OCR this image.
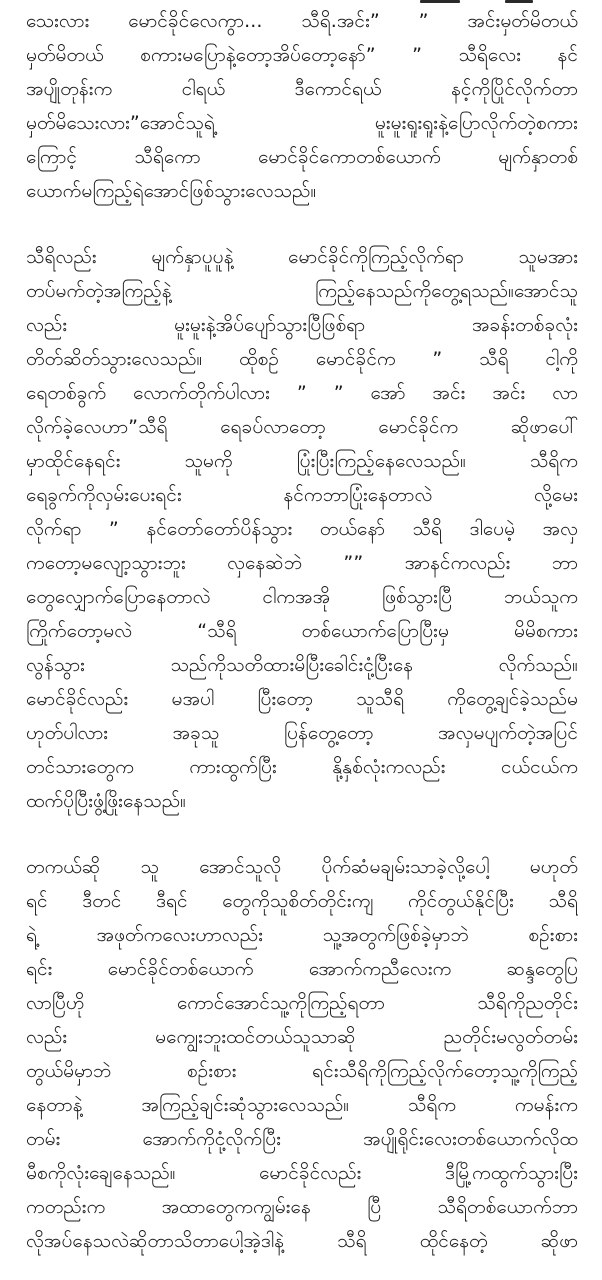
သေးလား မောင်ခိုင်လေကွာ... သီရိ.အင်း” ” အင်းမှတ်မိတယ်
မှတ်မိတယ် စကားမပြောနဲ့တော့အိပ်တော့နော်” ” သီရိလေး နင်
အပျိုတုန်းက ငါရယ် ဒီကောင်ရယ် နင့်ကိုပြိုင်လိုက်တာ
မှတ်မိသေးလား”အောင်သူရဲ့ မူးမူးရူးရူးနဲ့ပြောလိုက်တဲ့စကား
ကြောင့် သီရိကော မောင်ခိုင်ကောတစ်ယောက် မျက်နှာတစ်
ယောက်မကြည့်ရဲအောင်ဖြစ်သွားလေသည်။
သီရိလည်း မျက်နှာပူပူနဲ့ မောင်ခိုင်ကိုကြည့်လိုက်ရာ သူမအား
တပ်မက်တဲ့အကြည့်နဲ့ ကြည့်နေသည်ကိုတွေ့ရသည်။အောင်သူ
လည်း မူးမူးနဲ့အိပ်ပျော်သွားပြီဖြစ်ရာ အခန်းတစ်ခုလုံး
တိတ်ဆိတ်သွားလေသည်။ ထိုစဉ် မောင်ခိုင်က ” သီရိ ငါ့ကို
ရေတစ်ခွက် လောက်တိုက်ပါလား ” ” အော် အင်း အင်း လာ
လိုက်ခဲ့လေဟာ”သီရိ ရေခပ်လာတော့ မောင်ခိုင်က ဆိုဖာပေါ်
မှာထိုင်နေရင်း သူမကို ပြုံးပြီးကြည့်နေလေသည်။ သီရိက
ရေခွက်ကိုလှမ်းပေးရင်း နင်ကဘာပြုံးနေတာလဲ လို့မေး
လိုက်ရာ ” နင်တော်တော်ပိန်သွား တယ်နော် သီရိ ဒါပေမဲ့ အလှ
ကတော့မလျော့သွားဘူး လှနေဆဲဘဲ ”” အာနင်ကလည်း ဘာ
တွေလျှောက်ပြောနေတာလဲ ငါကအအို ဖြစ်သွားပြီ ဘယ်သူက
ကြိုက်တော့မလဲ “သီရိ တစ်ယောက်ပြောပြီးမှ မိမိစကား
လွန်သွား သည်ကိုသတိထားမိပြီးခေါင်းငုံ့ပြီးနေ လိုက်သည်။
မောင်ခိုင်လည်း မအပါ ပြီးတော့ သူသီရိ ကိုတွေ့ချင်ခဲ့သည်မ
ဟုတ်ပါလား အခုသူ ပြန်တွေ့တော့ အလှမပျက်တဲ့အပြင်
တင်သားတွေက ကားထွက်ပြီး နို့နှစ်လုံးကလည်း ငယ်ငယ်က
ထက်ပိုပြီးဖွံ့ဖြိုးနေသည်။
တကယ်ဆို သူ အောင်သူလို ပိုက်ဆံမချမ်းသာခဲ့လို့ပေါ့ မဟုတ်
ရင် ဒီတင် ဒီရင် တွေကိုသူစိတ်တိုင်းကျ ကိုင်တွယ်နိုင်ပြီး သီရိ
ရဲ့ အဖုတ်ကလေးဟာလည်း သူ့အတွက်ဖြစ်ခဲ့မှာဘဲ စဉ်းစား
ရင်း မောင်ခိုင်တစ်ယောက် အောက်ကညီလေးက ဆန္ဒတွေပြ
လာပြီဟို ကောင်အောင်သူ့ကိုကြည့်ရတာ သီရိကိုညတိုင်း
လည်း မကျွေးဘူးထင်တယ်သူသာဆို ညတိုင်းမလွတ်တမ်း
တွယ်မိမှာဘဲ စဉ်းစား ရင်းသီရိကိုကြည့်လိုက်တော့သူ့ကိုကြည့်
နေတာနဲ့ အကြည့်ချင်းဆုံသွားလေသည်။ သီရိက ကမန်းက
တမ်း အောက်ကိုငုံ့လိုက်ပြီး အပျိုရိုင်းလေးတစ်ယောက်လိုထ
မီစကိုလုံးချေနေသည်။ မောင်ခိုင်လည်း ဒီမြို့ကထွက်သွားပြီး
ကတည်းက အထာတွေကကျွမ်းနေ ပြီ သီရိတစ်ယောက်ဘာ
လိုအပ်နေသလဲဆိုတာသိတာပေါ့အဲ့ဒါနဲ့ သီရိ ထိုင်နေတဲ့ ဆိုဖာ
